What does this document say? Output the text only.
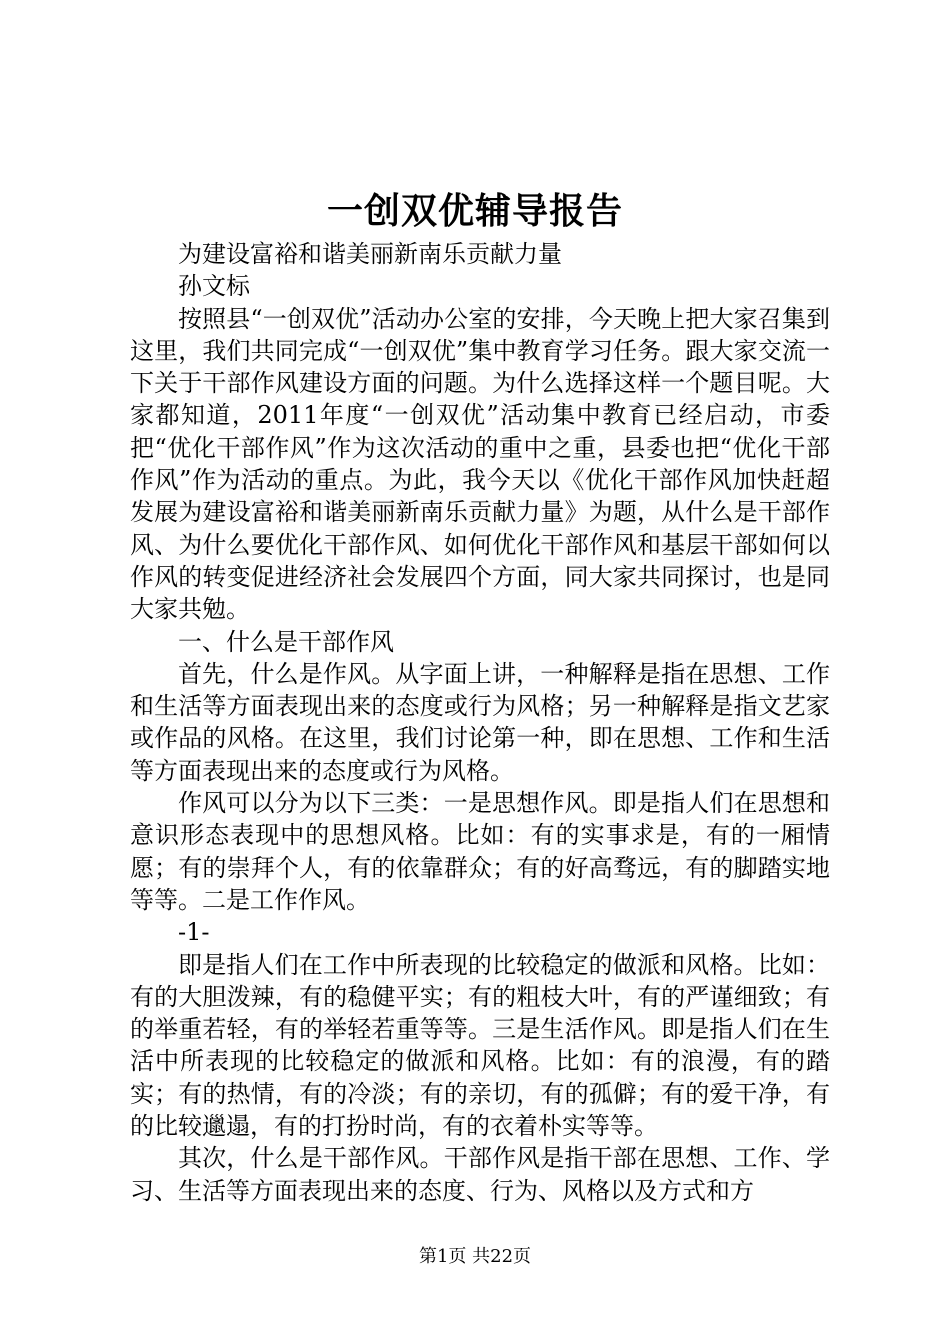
一创双优辅导报告

为建设富裕和谐美丽新南乐贡献力量

孙文标

按照县“一创双优”活动办公室的安排，今天晚上把大家召集到这里，我们共同完成“一创双优”集中教育学习任务。跟大家交流一下关于干部作风建设方面的问题。为什么选择这样一个题目呢。大家都知道，2011年度“一创双优”活动集中教育已经启动，市委把“优化干部作风”作为这次活动的重中之重，县委也把“优化干部作风”作为活动的重点。为此，我今天以《优化干部作风加快赶超发展为建设富裕和谐美丽新南乐贡献力量》为题，从什么是干部作风、为什么要优化干部作风、如何优化干部作风和基层干部如何以作风的转变促进经济社会发展四个方面，同大家共同探讨，也是同大家共勉。

一、什么是干部作风

首先，什么是作风。从字面上讲，一种解释是指在思想、工作和生活等方面表现出来的态度或行为风格；另一种解释是指文艺家或作品的风格。在这里，我们讨论第一种，即在思想、工作和生活等方面表现出来的态度或行为风格。

作风可以分为以下三类：一是思想作风。即是指人们在思想和意识形态表现中的思想风格。比如：有的实事求是，有的一厢情愿；有的崇拜个人，有的依靠群众；有的好高骛远，有的脚踏实地等等。二是工作作风。

-1-

即是指人们在工作中所表现的比较稳定的做派和风格。比如：有的大胆泼辣，有的稳健平实；有的粗枝大叶，有的严谨细致；有的举重若轻，有的举轻若重等等。三是生活作风。即是指人们在生活中所表现的比较稳定的做派和风格。比如：有的浪漫，有的踏实；有的热情，有的冷淡；有的亲切，有的孤僻；有的爱干净，有的比较邋遢，有的打扮时尚，有的衣着朴实等等。

其次，什么是干部作风。干部作风是指干部在思想、工作、学习、生活等方面表现出来的态度、行为、风格以及方式和方

第1页 共22页
